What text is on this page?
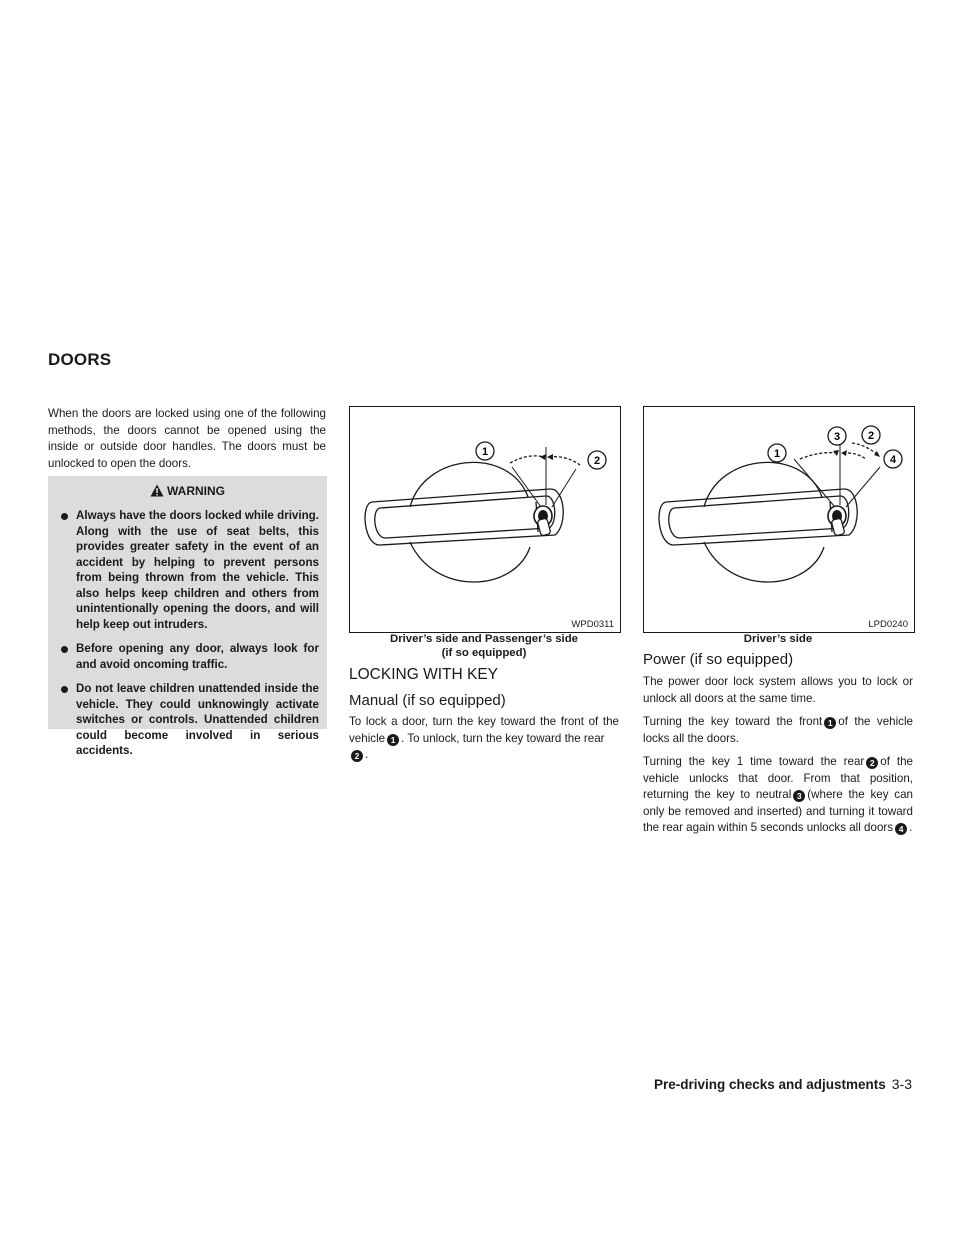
DOORS
When the doors are locked using one of the following methods, the doors cannot be opened using the inside or outside door handles. The doors must be unlocked to open the doors.
WARNING
Always have the doors locked while driving. Along with the use of seat belts, this provides greater safety in the event of an accident by helping to prevent persons from being thrown from the vehicle. This also helps keep children and others from unintentionally opening the doors, and will help keep out intruders.
Before opening any door, always look for and avoid oncoming traffic.
Do not leave children unattended inside the vehicle. They could unknowingly activate switches or controls. Unattended children could become involved in serious accidents.
1
2
WPD0311
Driver’s side and Passenger’s side
(if so equipped)
1
3	2
4
LPD0240
Driver’s side
LOCKING WITH KEY
Manual (if so equipped)
To lock a door, turn the key toward the front of the vehicle 1 . To unlock, turn the key toward the rear
2 .
Power (if so equipped)
The power door lock system allows you to lock or unlock all doors at the same time.
Turning the key toward the front 1 of the vehicle locks all the doors.
Turning the key 1 time toward the rear 2 of the vehicle unlocks that door. From that position, returning the key to neutral 3 (where the key can only be removed and inserted) and turning it toward the rear again within 5 seconds unlocks all doors 4 .
Pre-driving checks and adjustments 3-3
